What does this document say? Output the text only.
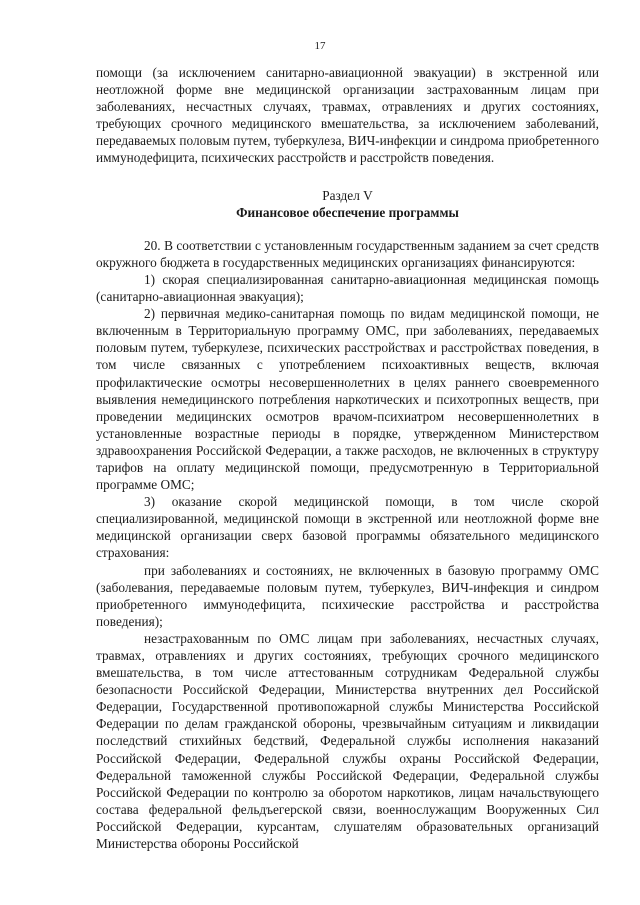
17

помощи (за исключением санитарно-авиационной эвакуации) в экстренной или неотложной форме вне медицинской организации застрахованным лицам при заболеваниях, несчастных случаях, травмах, отравлениях и других состояниях, требующих срочного медицинского вмешательства, за исключением заболеваний, передаваемых половым путем, туберкулеза, ВИЧ-инфекции и синдрома приобретенного иммунодефицита, психических расстройств и расстройств поведения.

Раздел V

Финансовое обеспечение программы

20. В соответствии с установленным государственным заданием за счет средств окружного бюджета в государственных медицинских организациях финансируются:

1) скорая специализированная санитарно-авиационная медицинская помощь (санитарно-авиационная эвакуация);

2) первичная медико-санитарная помощь по видам медицинской помощи, не включенным в Территориальную программу ОМС, при заболеваниях, передаваемых половым путем, туберкулезе, психических расстройствах и расстройствах поведения, в том числе связанных с употреблением психоактивных веществ, включая профилактические осмотры несовершеннолетних в целях раннего своевременного выявления немедицинского потребления наркотических и психотропных веществ, при проведении медицинских осмотров врачом-психиатром несовершеннолетних в установленные возрастные периоды в порядке, утвержденном Министерством здравоохранения Российской Федерации, а также расходов, не включенных в структуру тарифов на оплату медицинской помощи, предусмотренную в Территориальной программе ОМС;

3) оказание скорой медицинской помощи, в том числе скорой специализированной, медицинской помощи в экстренной или неотложной форме вне медицинской организации сверх базовой программы обязательного медицинского страхования:

при заболеваниях и состояниях, не включенных в базовую программу ОМС (заболевания, передаваемые половым путем, туберкулез, ВИЧ-инфекция и синдром приобретенного иммунодефицита, психические расстройства и расстройства поведения);

незастрахованным по ОМС лицам при заболеваниях, несчастных случаях, травмах, отравлениях и других состояниях, требующих срочного медицинского вмешательства, в том числе аттестованным сотрудникам Федеральной службы безопасности Российской Федерации, Министерства внутренних дел Российской Федерации, Государственной противопожарной службы Министерства Российской Федерации по делам гражданской обороны, чрезвычайным ситуациям и ликвидации последствий стихийных бедствий, Федеральной службы исполнения наказаний Российской Федерации, Федеральной службы охраны Российской Федерации, Федеральной таможенной службы Российской Федерации, Федеральной службы Российской Федерации по контролю за оборотом наркотиков, лицам начальствующего состава федеральной фельдъегерской связи, военнослужащим Вооруженных Сил Российской Федерации, курсантам, слушателям образовательных организаций Министерства обороны Российской
